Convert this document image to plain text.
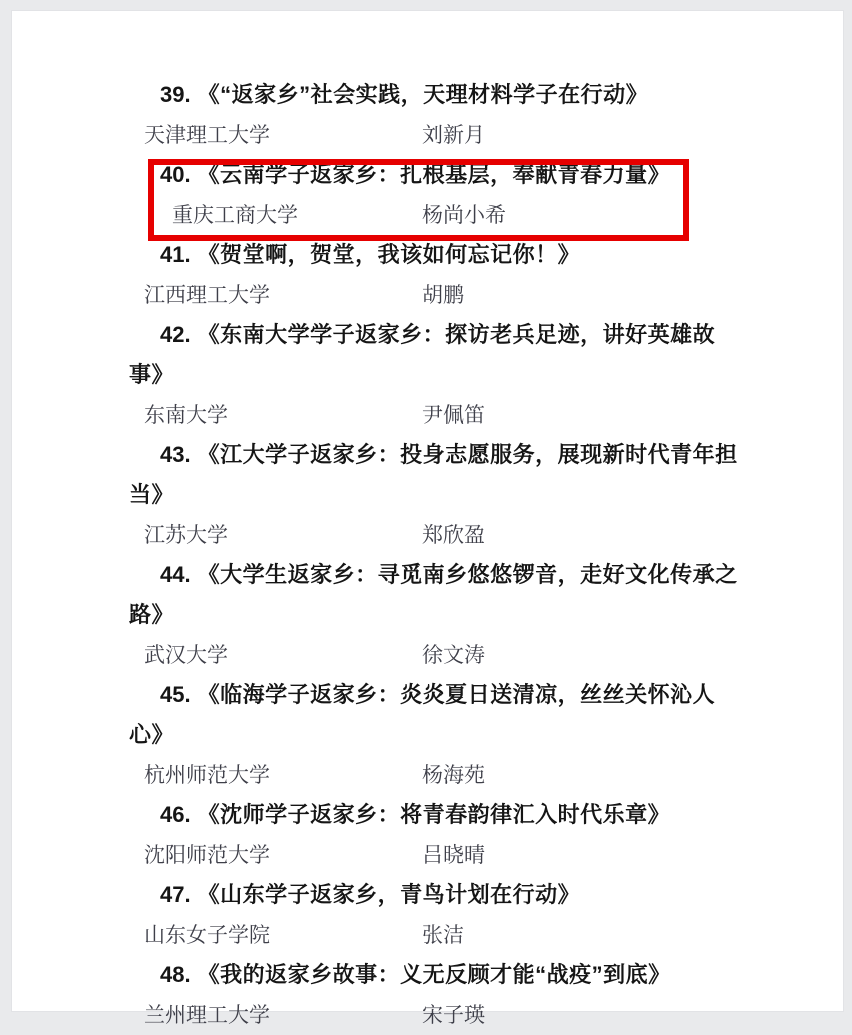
39. 《“返家乡”社会实践，天理材料学子在行动》

天津理工大学	刘新月

40. 《云南学子返家乡：扎根基层，奉献青春力量》

重庆工商大学	杨尚小希

41. 《贺堂啊，贺堂，我该如何忘记你！》

江西理工大学	胡鹏

42. 《东南大学学子返家乡：探访老兵足迹，讲好英雄故事》

东南大学	尹佩笛

43. 《江大学子返家乡：投身志愿服务，展现新时代青年担当》

江苏大学	郑欣盈

44. 《大学生返家乡：寻觅南乡悠悠锣音，走好文化传承之路》

武汉大学	徐文涛

45. 《临海学子返家乡：炎炎夏日送清凉，丝丝关怀沁人心》

杭州师范大学	杨海苑

46. 《沈师学子返家乡：将青春韵律汇入时代乐章》

沈阳师范大学	吕晓晴

47. 《山东学子返家乡，青鸟计划在行动》

山东女子学院	张洁

48. 《我的返家乡故事：义无反顾才能“战疫”到底》

兰州理工大学	宋子瑛
